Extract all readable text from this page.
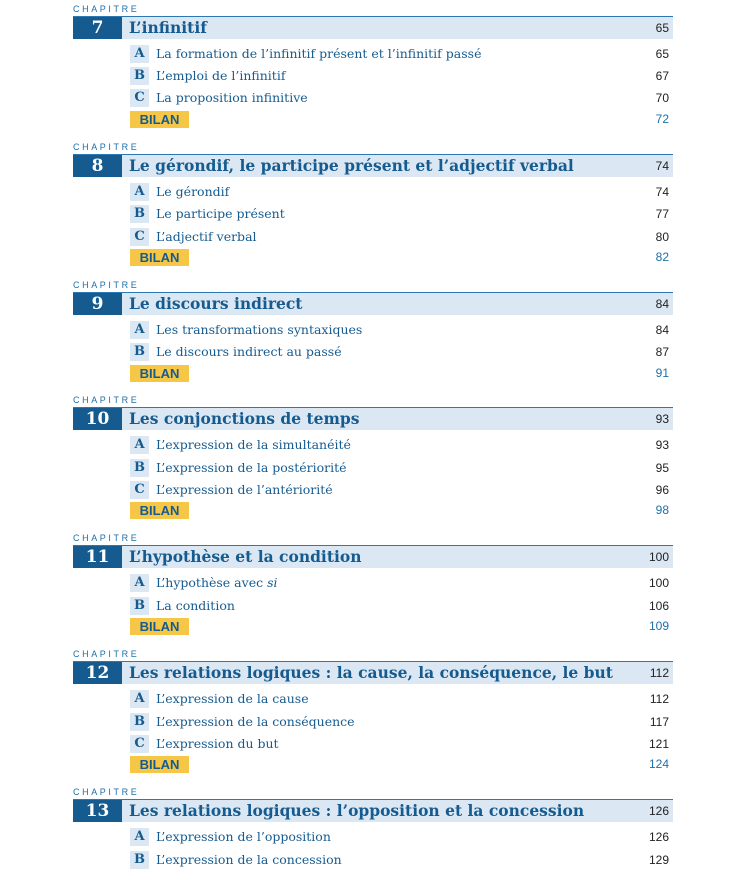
CHAPITRE
7	L’infinitif	65
A La formation de l’infinitif présent et l’infinitif passé	65
B L’emploi de l’infinitif	67
C La proposition infinitive	70
BILAN	72
CHAPITRE
8	Le gérondif, le participe présent et l’adjectif verbal	74
A Le gérondif	74
B Le participe présent	77
C L’adjectif verbal	80
BILAN	82
CHAPITRE
9	Le discours indirect	84
A Les transformations syntaxiques	84
B Le discours indirect au passé	87
BILAN	91
CHAPITRE
10	Les conjonctions de temps	93
A L’expression de la simultanéité	93
B L’expression de la postériorité	95
C L’expression de l’antériorité	96
BILAN	98
CHAPITRE
11	L’hypothèse et la condition	100
A L’hypothèse avec si	100
B La condition	106
BILAN	109
CHAPITRE
12	Les relations logiques : la cause, la conséquence, le but	112
A L’expression de la cause	112
B L’expression de la conséquence	117
C L’expression du but	121
BILAN	124
CHAPITRE
13	Les relations logiques : l’opposition et la concession	126
A L’expression de l’opposition	126
B L’expression de la concession	129
